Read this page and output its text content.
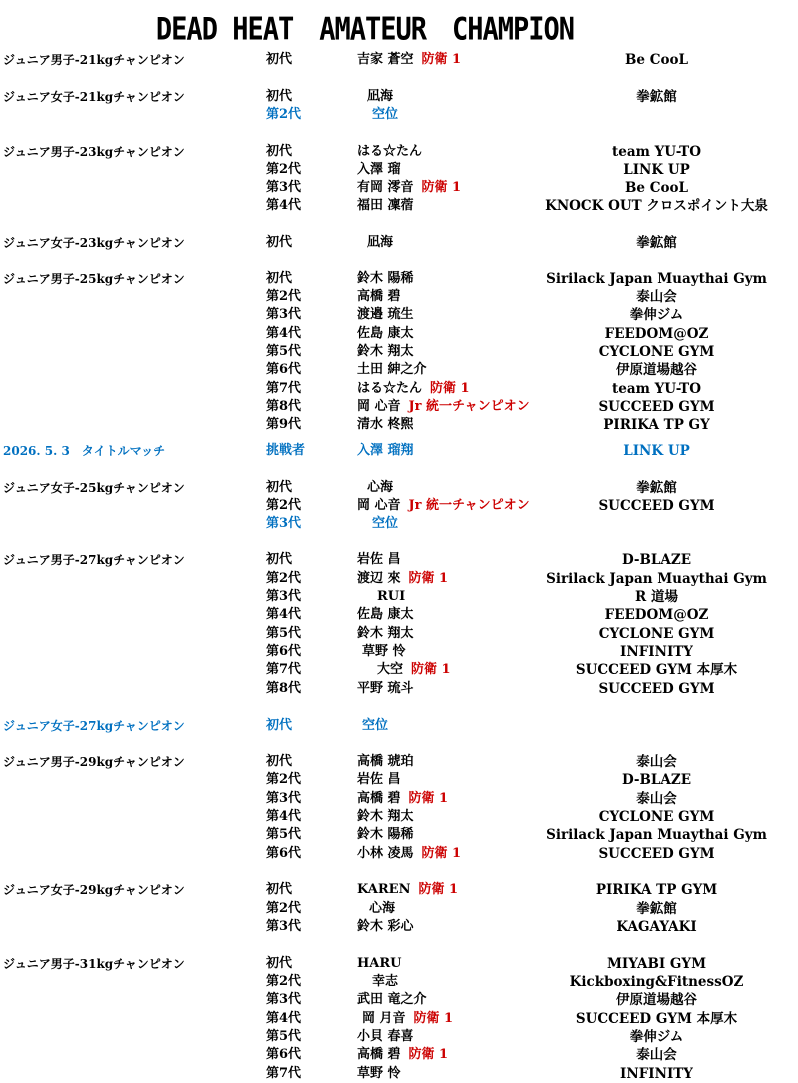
DEAD HEAT　AMATEUR　CHAMPION
ジュニア男子-21kgチャンピオン	初代	吉家 蒼空 防衛 1	Be CooL
ジュニア女子-21kgチャンピオン	初代	凪海	拳鉱館
第2代	空位
ジュニア男子-23kgチャンピオン	初代	はる☆たん	team YU-TO
第2代	入澤 瑠	LINK UP
第3代	有岡 澪音 防衛 1	Be CooL
第4代	福田 凜蓿	KNOCK OUT クロスポイント大泉
ジュニア女子-23kgチャンピオン	初代	凪海	拳鉱館
ジュニア男子-25kgチャンピオン	初代	鈴木 陽稀	Sirilack Japan Muaythai Gym
第2代	高橋 碧	泰山会
第3代	渡邉 琉生	拳伸ジム
第4代	佐島 康太	FEEDOM@OZ
第5代	鈴木 翔太	CYCLONE GYM
第6代	土田 紳之介	伊原道場越谷
第7代	はる☆たん 防衛 1	team YU-TO
第8代	岡 心音 Jr 統一チャンピオン	SUCCEED GYM
第9代	清水 柊煕	PIRIKA TP GY
2026. 5. 3　タイトルマッチ	挑戦者	入澤 瑠翔	LINK UP
ジュニア女子-25kgチャンピオン	初代	心海	拳鉱館
第2代	岡 心音 Jr 統一チャンピオン	SUCCEED GYM
第3代	空位
ジュニア男子-27kgチャンピオン	初代	岩佐 昌	D-BLAZE
第2代	渡辺 來 防衛 1	Sirilack Japan Muaythai Gym
第3代	RUI	R 道場
第4代	佐島 康太	FEEDOM@OZ
第5代	鈴木 翔太	CYCLONE GYM
第6代	草野 怜	INFINITY
第7代	大空 防衛 1	SUCCEED GYM 本厚木
第8代	平野 琉斗	SUCCEED GYM
ジュニア女子-27kgチャンピオン	初代	空位
ジュニア男子-29kgチャンピオン	初代	高橋 琥珀	泰山会
第2代	岩佐 昌	D-BLAZE
第3代	高橋 碧 防衛 1	泰山会
第4代	鈴木 翔太	CYCLONE GYM
第5代	鈴木 陽稀	Sirilack Japan Muaythai Gym
第6代	小林 凌馬 防衛 1	SUCCEED GYM
ジュニア女子-29kgチャンピオン	初代	KAREN 防衛 1	PIRIKA TP GYM
第2代	心海	拳鉱館
第3代	鈴木 彩心	KAGAYAKI
ジュニア男子-31kgチャンピオン	初代	HARU	MIYABI GYM
第2代	幸志	Kickboxing&FitnessOZ
第3代	武田 竜之介	伊原道場越谷
第4代	岡 月音 防衛 1	SUCCEED GYM 本厚木
第5代	小貝 春喜	拳伸ジム
第6代	高橋 碧 防衛 1	泰山会
第7代	草野 怜	INFINITY
